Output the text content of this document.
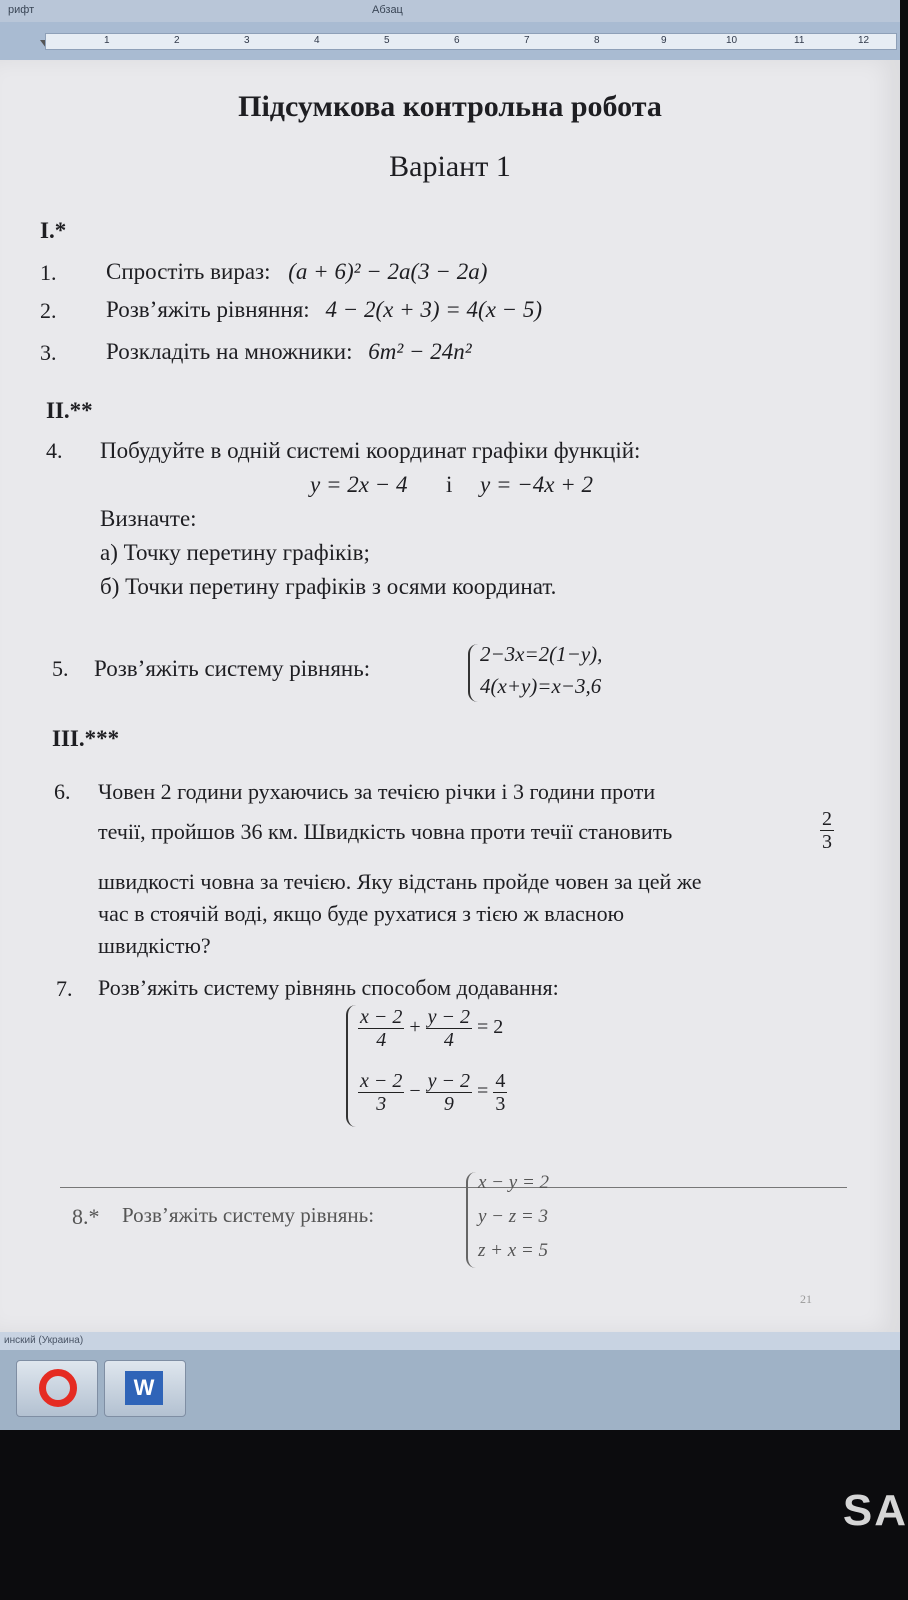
рифт	Абзац
1	2	3	4	5	6	7	8	9	10	11	12
Підсумкова контрольна робота
Варіант 1
I.*
1. Спростіть вираз: (a + 6)² − 2a(3 − 2a)
2. Розв’яжіть рівняння: 4 − 2(x + 3) = 4(x − 5)
3. Розкладіть на множники: 6m² − 24n²
II.**
4. Побудуйте в одній системі координат графіки функцій:
y = 2x − 4 і y = −4x + 2
Визначте:
а) Точку перетину графіків;
б) Точки перетину графіків з осями координат.
5. Розв’яжіть систему рівнянь:
2−3x=2(1−y),
4(x+y)=x−3,6
III.***
6. Човен 2 години рухаючись за течією річки і 3 години проти
течії, пройшов 36 км. Швидкість човна проти течії становить	$\frac{2}{3}$
швидкості човна за течією. Яку відстань пройде човен за цей же
час в стоячій воді, якщо буде рухатися з тією ж власною
швидкістю?
7. Розв’яжіть систему рівнянь способом додавання:
$\frac{x - 2}{4} + \frac{y - 2}{4} = 2$
$\frac{x - 2}{3} - \frac{y - 2}{9} = \frac{4}{3}$
8.* Розв’яжіть систему рівнянь:
x − y = 2
y − z = 3
z + x = 5
21
инский (Украина)
W
SA
